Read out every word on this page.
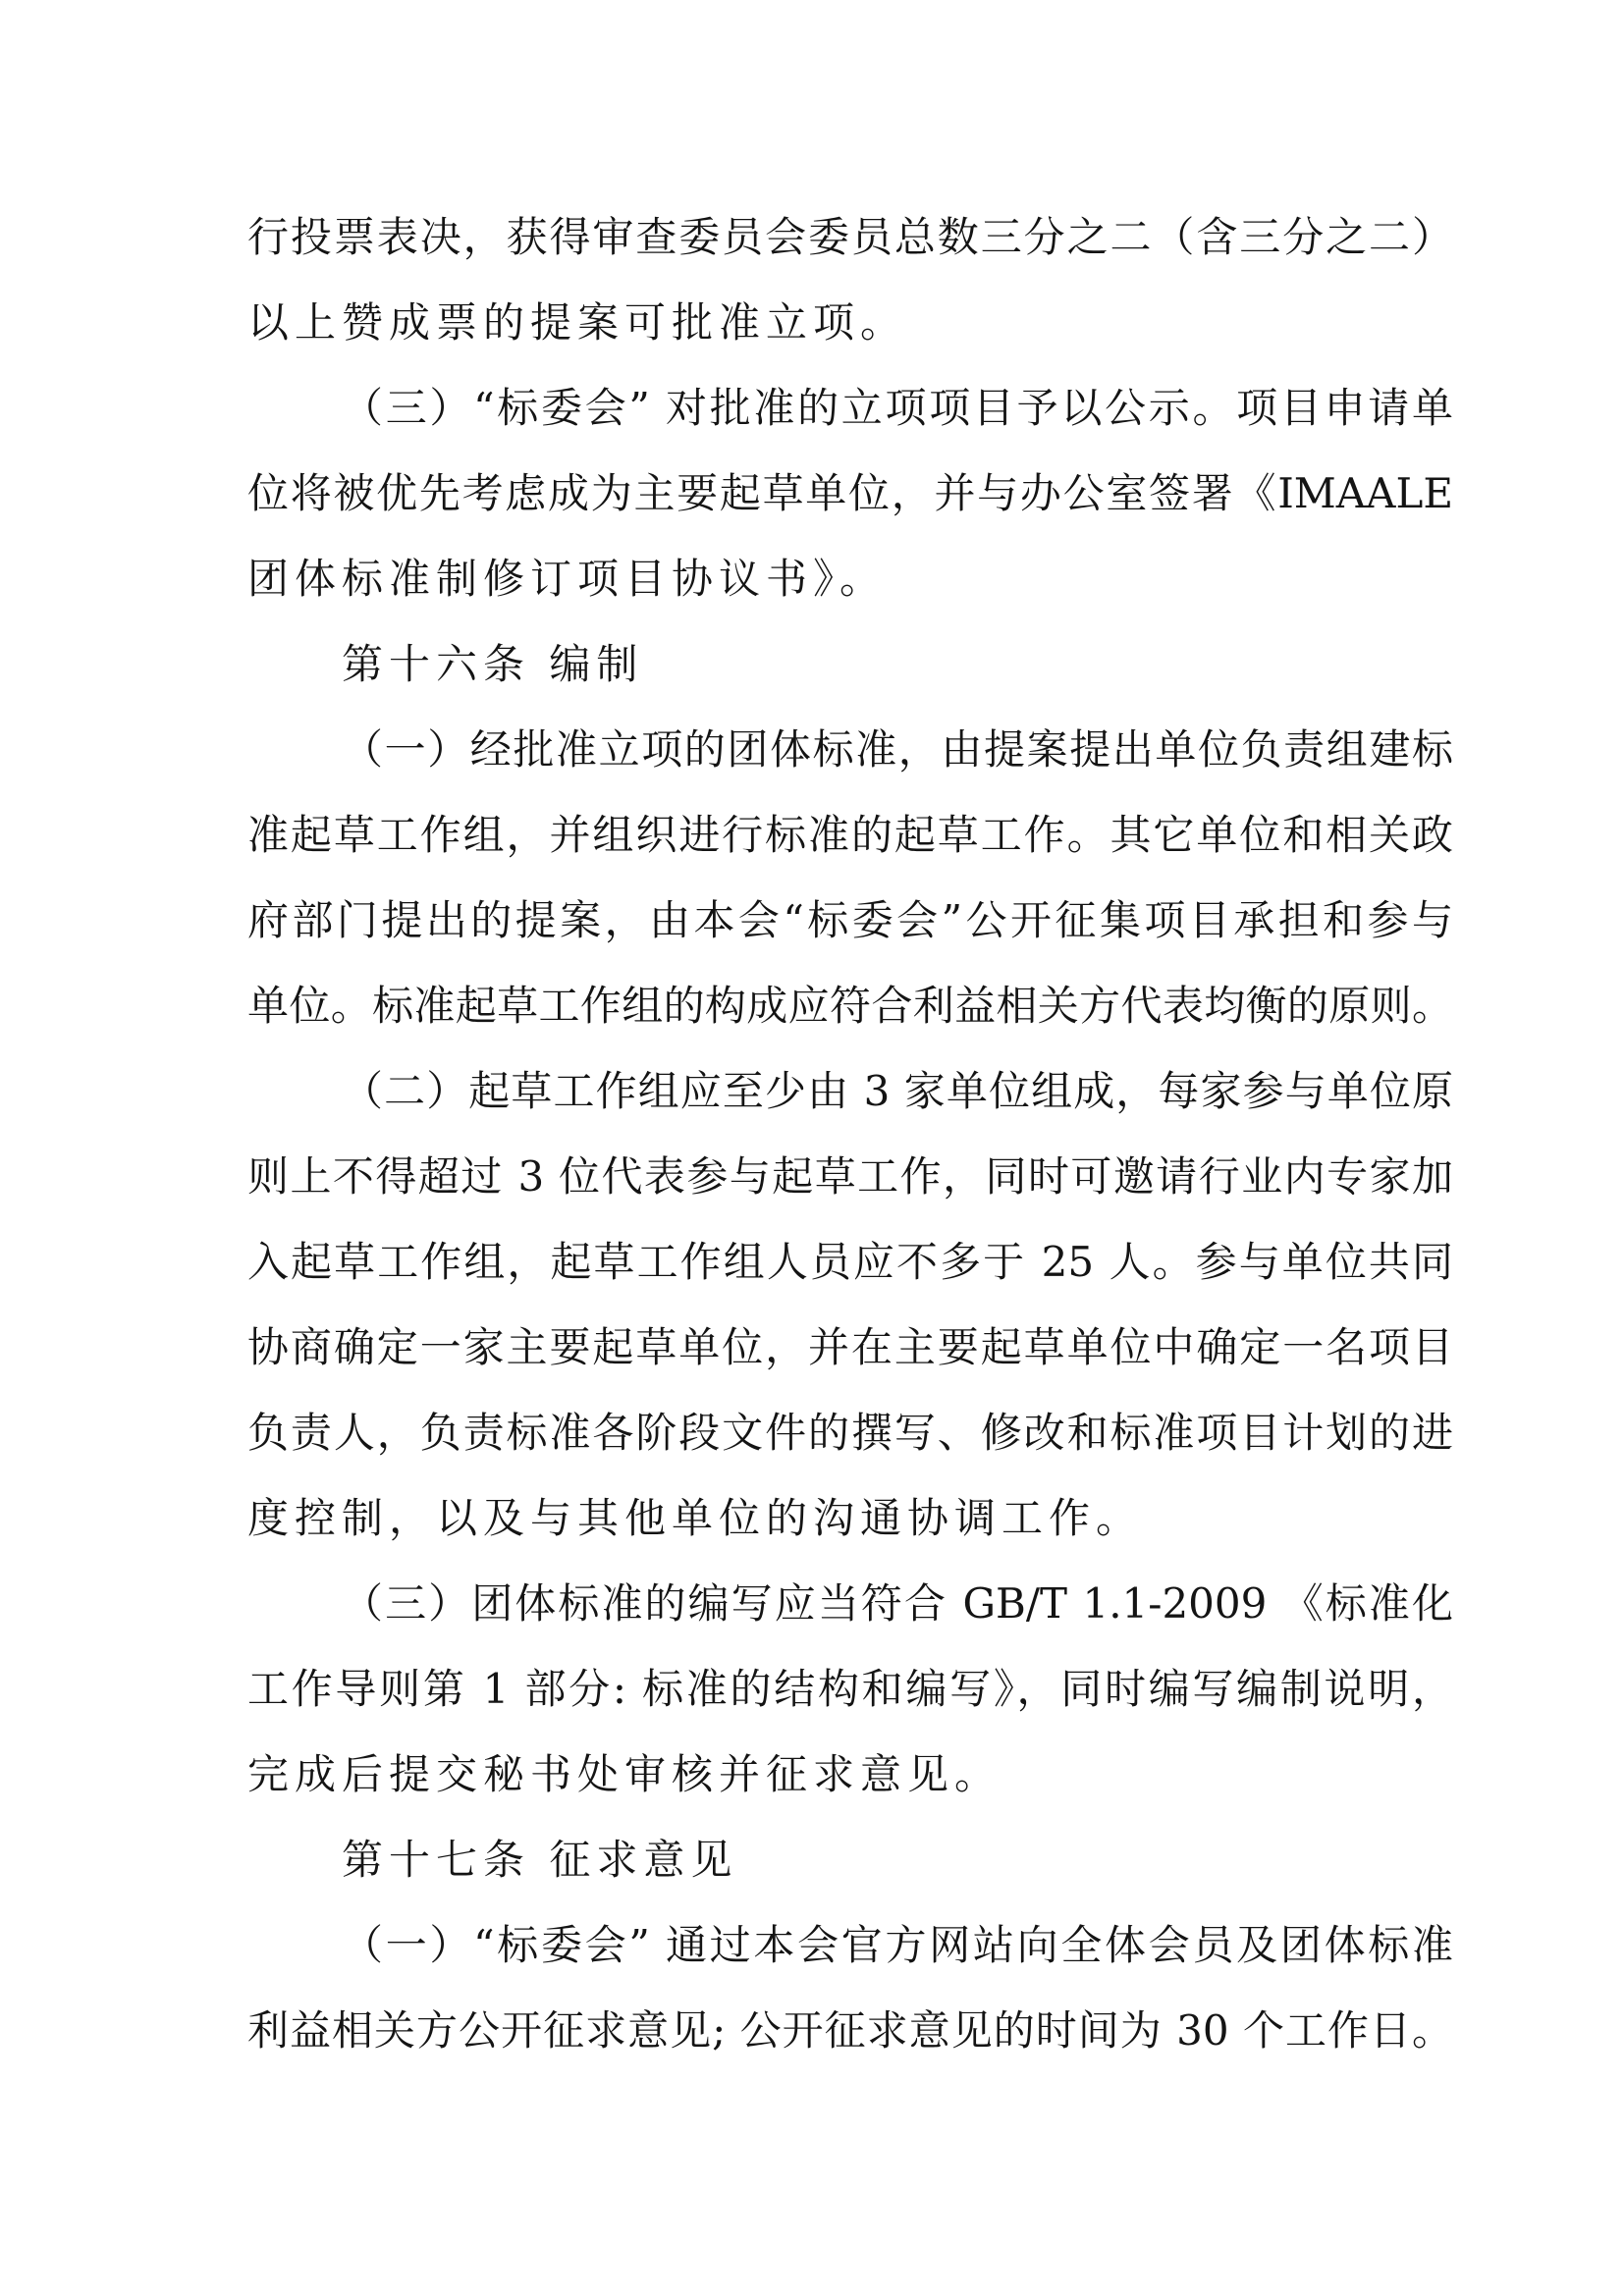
行投票表决，获得审查委员会委员总数三分之二（含三分之二）
以上赞成票的提案可批准立项。
（三）“标委会” 对批准的立项项目予以公示。项目申请单
位将被优先考虑成为主要起草单位，并与办公室签署《IMAALE
团体标准制修订项目协议书》。
第十六条 编制
（一）经批准立项的团体标准，由提案提出单位负责组建标
准起草工作组，并组织进行标准的起草工作。其它单位和相关政
府部门提出的提案，由本会“标委会”公开征集项目承担和参与
单位。标准起草工作组的构成应符合利益相关方代表均衡的原则。
（二）起草工作组应至少由 3 家单位组成，每家参与单位原
则上不得超过 3 位代表参与起草工作，同时可邀请行业内专家加
入起草工作组，起草工作组人员应不多于 25 人。参与单位共同
协商确定一家主要起草单位，并在主要起草单位中确定一名项目
负责人，负责标准各阶段文件的撰写、修改和标准项目计划的进
度控制，以及与其他单位的沟通协调工作。
（三）团体标准的编写应当符合 GB/T 1.1-2009 《标准化
工作导则第 1 部分: 标准的结构和编写》，同时编写编制说明，
完成后提交秘书处审核并征求意见。
第十七条 征求意见
（一）“标委会” 通过本会官方网站向全体会员及团体标准
利益相关方公开征求意见; 公开征求意见的时间为 30 个工作日。
